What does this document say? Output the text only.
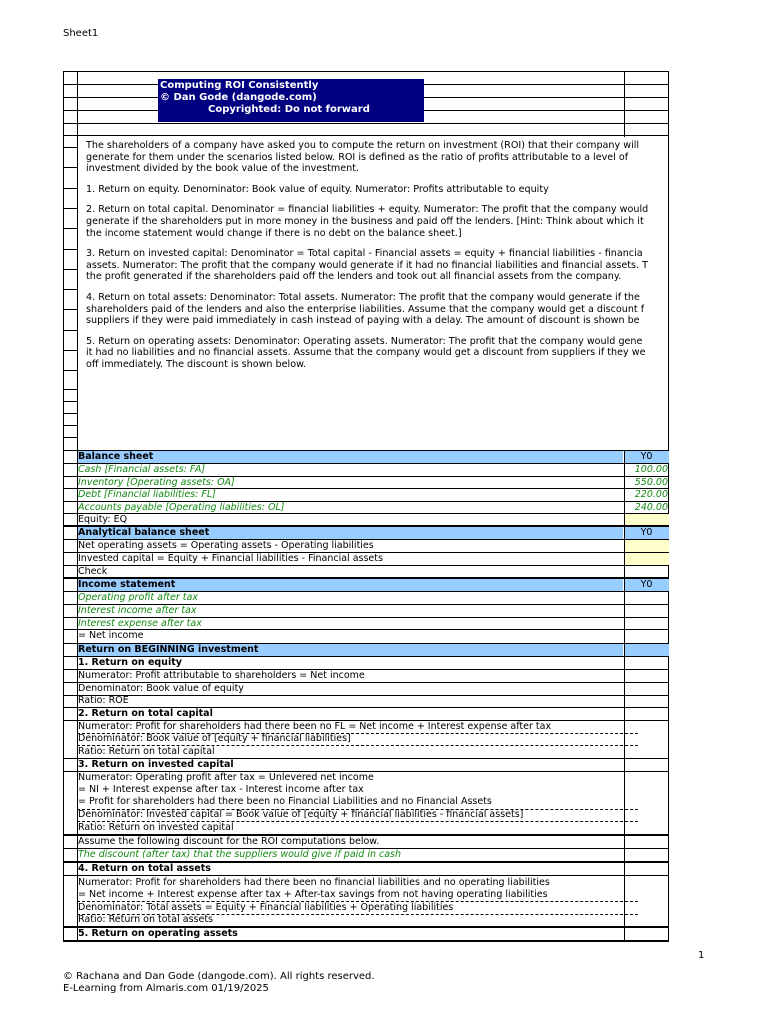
Sheet1
Computing ROI Consistently
© Dan Gode (dangode.com)
Copyrighted: Do not forward

The shareholders of a company have asked you to compute the return on investment (ROI) that their company will
generate for them under the scenarios listed below. ROI is defined as the ratio of profits attributable to a level of
investment divided by the book value of the investment.

1. Return on equity. Denominator: Book value of equity. Numerator: Profits attributable to equity

2. Return on total capital. Denominator = financial liabilities + equity. Numerator: The profit that the company would
generate if the shareholders put in more money in the business and paid off the lenders. [Hint: Think about which it
the income statement would change if there is no debt on the balance sheet.]

3. Return on invested capital: Denominator = Total capital - Financial assets = equity + financial liabilities - financia
assets. Numerator: The profit that the company would generate if it had no financial liabilities and financial assets. T
the profit generated if the shareholders paid off the lenders and took out all financial assets from the company.

4. Return on total assets: Denominator: Total assets. Numerator: The profit that the company would generate if the
shareholders paid of the lenders and also the enterprise liabilities. Assume that the company would get a discount f
suppliers if they were paid immediately in cash instead of paying with a delay. The amount of discount is shown be

5. Return on operating assets: Denominator: Operating assets. Numerator: The profit that the company would gene
it had no liabilities and no financial assets. Assume that the company would get a discount from suppliers if they we
off immediately. The discount is shown below.

Balance sheet	Y0
Cash [Financial assets: FA]	100.00
Inventory [Operating assets: OA]	550.00
Debt [Financial liabilities: FL]	220.00
Accounts payable [Operating liabilities: OL]	240.00
Equity: EQ
Analytical balance sheet	Y0
Net operating assets = Operating assets - Operating liabilities
Invested capital = Equity + Financial liabilities - Financial assets
Check
Income statement	Y0
Operating profit after tax
Interest income after tax
Interest expense after tax
= Net income
Return on BEGINNING investment
1. Return on equity
Numerator: Profit attributable to shareholders = Net income
Denominator: Book value of equity
Ratio: ROE
2. Return on total capital
Numerator: Profit for shareholders had there been no FL = Net income + Interest expense after tax
Denominator: Book value of [equity + financial liabilities]
Ratio: Return on total capital
3. Return on invested capital
Numerator: Operating profit after tax = Unlevered net income
= NI + Interest expense after tax - Interest income after tax
= Profit for shareholders had there been no Financial Liabilities and no Financial Assets
Denominator: Invested capital = Book value of [equity + financial liabilities - financial assets]
Ratio: Return on invested capital
Assume the following discount for the ROI computations below.
The discount (after tax) that the suppliers would give if paid in cash
4. Return on total assets
Numerator: Profit for shareholders had there been no financial liabilities and no operating liabilities
= Net income + Interest expense after tax + After-tax savings from not having operating liabilities
Denominator: Total assets = Equity + Financial liabilities + Operating liabilities
Ratio: Return on total assets
5. Return on operating assets
© Rachana and Dan Gode (dangode.com). All rights reserved.
E-Learning from Almaris.com 01/19/2025
1
